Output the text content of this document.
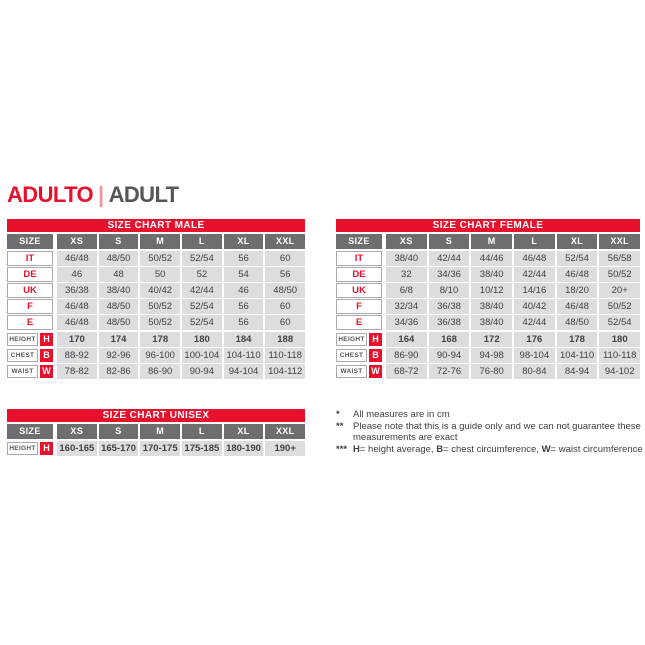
ADULTO | ADULT
SIZE CHART MALE
SIZE	XS	S	M	L	XL	XXL
IT	46/48	48/50	50/52	52/54	56	60
DE	46	48	50	52	54	56
UK	36/38	38/40	40/42	42/44	46	48/50
F	46/48	48/50	50/52	52/54	56	60
E	46/48	48/50	50/52	52/54	56	60
HEIGHT H	170	174	178	180	184	188
CHEST B	88-92	92-96	96-100 100-104 104-110 110-118
WAIST W	78-82	82-86	86-90	90-94	94-104	104-112
SIZE CHART FEMALE
SIZE	XS	S	M	L	XL	XXL
IT	38/40	42/44	44/46	46/48	52/54	56/58
DE	32	34/36	38/40	42/44	46/48	50/52
UK	6/8	8/10	10/12	14/16	18/20	20+
F	32/34	36/38	38/40	40/42	46/48	50/52
E	34/36	36/38	38/40	42/44	48/50	52/54
HEIGHT H	164	168	172	176	178	180
CHEST B	86-90	90-94	94-98	98-104	104-110 110-118
WAIST W	68-72	72-76	76-80	80-84	84-94	94-102
SIZE CHART UNISEX
SIZE	XS	S	M	L	XL	XXL
HEIGHT H	160-165 165-170 170-175 175-185 180-190	190+
*	All measures are in cm
**	Please note that this is a guide only and we can not guarantee these measurements are exact
*** H= height average, B= chest circumference, W= waist circumference
